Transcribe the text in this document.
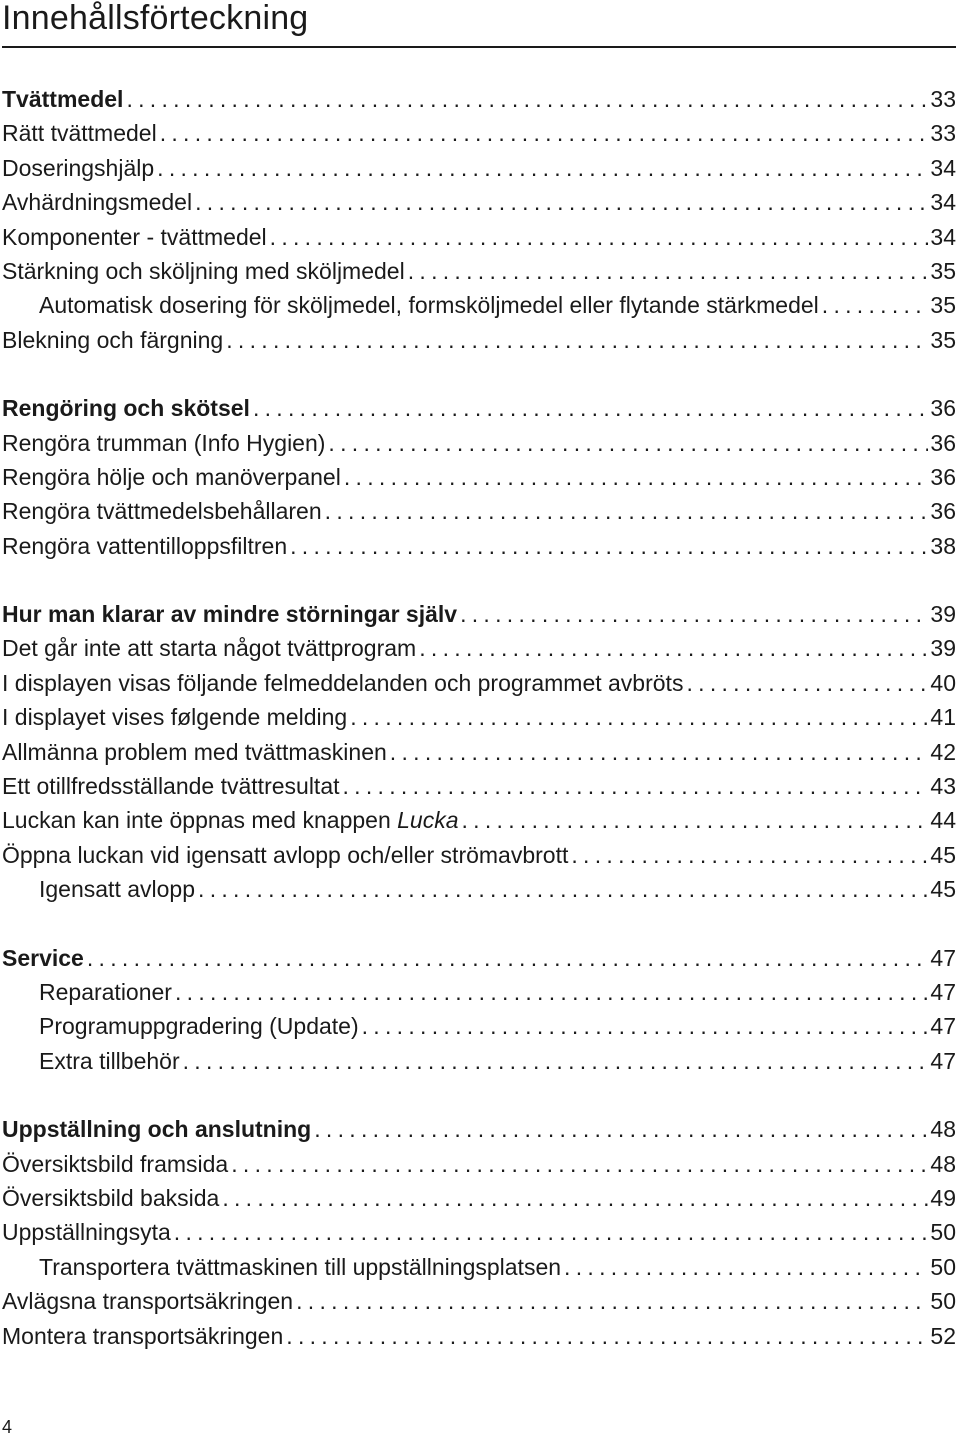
Innehållsförteckning
Tvättmedel . . .	33
Rätt tvättmedel . . .	33
Doseringshjälp . . .	34
Avhärdningsmedel . . .	34
Komponenter - tvättmedel . . .	34
Stärkning och sköljning med sköljmedel . . .	35
Automatisk dosering för sköljmedel, formsköljmedel eller flytande stärkmedel . . .	35
Blekning och färgning . . .	35
Rengöring och skötsel . . .	36
Rengöra trumman (Info Hygien) . . .	36
Rengöra hölje och manöverpanel . . .	36
Rengöra tvättmedelsbehållaren . . .	36
Rengöra vattentilloppsfiltren . . .	38
Hur man klarar av mindre störningar själv . . .	39
Det går inte att starta något tvättprogram . . .	39
I displayen visas följande felmeddelanden och programmet avbröts . . .	40
I displayet vises følgende melding . . .	41
Allmänna problem med tvättmaskinen . . .	42
Ett otillfredsställande tvättresultat . . .	43
Luckan kan inte öppnas med knappen Lucka . . .	44
Öppna luckan vid igensatt avlopp och/eller strömavbrott . . .	45
Igensatt avlopp . . .	45
Service . . .	47
Reparationer . . .	47
Programuppgradering (Update) . . .	47
Extra tillbehör . . .	47
Uppställning och anslutning . . .	48
Översiktsbild framsida . . .	48
Översiktsbild baksida . . .	49
Uppställningsyta . . .	50
Transportera tvättmaskinen till uppställningsplatsen . . .	50
Avlägsna transportsäkringen . . .	50
Montera transportsäkringen . . .	52
4
